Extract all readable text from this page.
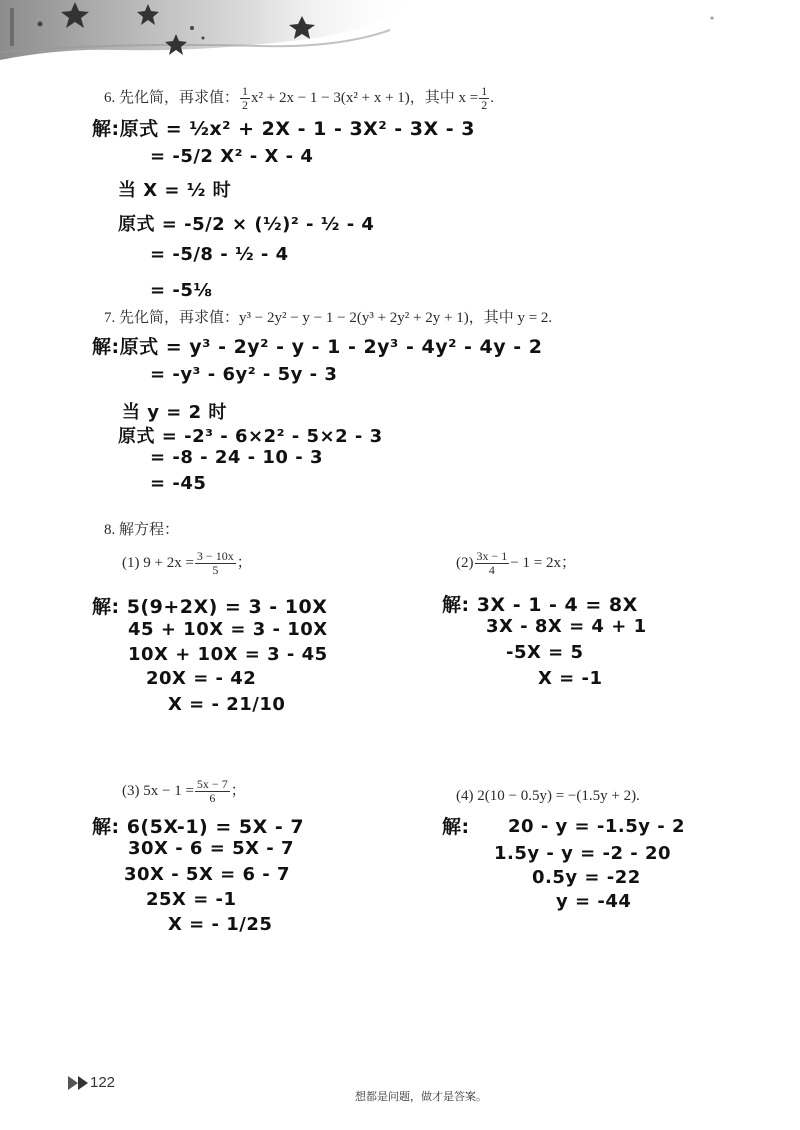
6. 先化简，再求值： $\frac{1}{2} x^2 + 2x - 1 - 3(x^2 + x + 1)$，其中 $x = \frac{1}{2}$ .
解:原式 = ½x² + 2X - 1 - 3X² - 3X - 3
= -5/2 X² - X - 4
当 X = ½ 时
原式 = -5/2 × (½)² - ½ - 4
= -5/8 - ½ - 4
= -5⅛
7. 先化简，再求值：y³ − 2y² − y − 1 − 2(y³ + 2y² + 2y + 1)，其中 y = 2.
解:原式 = y³ - 2y² - y - 1 - 2y³ - 4y² - 4y - 2
= -y³ - 6y² - 5y - 3
当 y = 2 时
原式 = -2³ - 6×2² - 5×2 - 3
= -8 - 24 - 10 - 3
= -45
8. 解方程：
(1) $9 + 2x = \frac{3 - 10x}{5}$ ；
解: 5(9+2X) = 3 - 10X
45 + 10X = 3 - 10X
10X + 10X = 3 - 45
20X = - 42
X = - 21/10
$(2) \frac{3x - 1}{4} - 1 = 2x$；
解: 3X - 1 - 4 = 8X
3X - 8X = 4 + 1
-5X = 5
X = -1
(3) $5x - 1 = \frac{5x - 7}{6}$ ；
解: 6(5X-1) = 5X - 7
30X - 6 = 5X - 7
30X - 5X = 6 - 7
25X = -1
X = - 1/25
(4) 2(10 − 0.5y) = −(1.5y + 2).
解: 20 - y = -1.5y - 2
1.5y - y = -2 - 20
0.5y = -22
y = -44
122
想都是问题，做才是答案。
